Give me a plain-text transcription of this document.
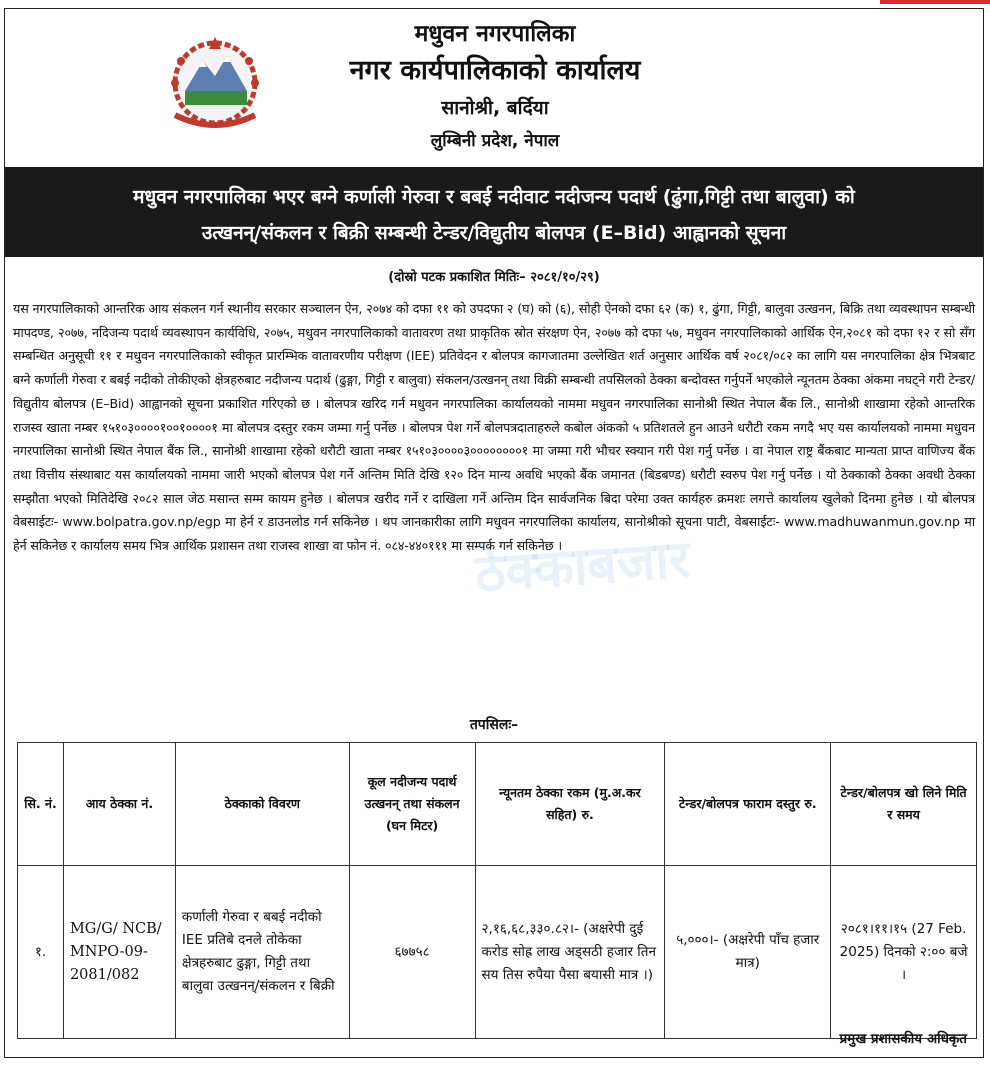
मधुवन नगरपालिका
नगर कार्यपालिकाको कार्यालय
सानोश्री, बर्दिया
लुम्बिनी प्रदेश, नेपाल
मधुवन नगरपालिका भएर बग्ने कर्णाली गेरुवा र बबई नदीवाट नदीजन्य पदार्थ (ढुंगा,गिट्टी तथा बालुवा) को
उत्खनन्/संकलन र बिक्री सम्बन्धी टेन्डर/विद्युतीय बोलपत्र (E–Bid) आह्वानको सूचना
(दोस्रो पटक प्रकाशित मितिः– २०८१/१०/२९)
यस नगरपालिकाको आन्तरिक आय संकलन गर्न स्थानीय सरकार सञ्चालन ऐन, २०७४ को दफा ११ को उपदफा २ (घ) को (६), सोही ऐनको दफा ६२ (क) १, ढुंगा, गिट्टी, बालुवा उत्खनन, बिक्रि तथा व्यवस्थापन सम्बन्धी मापदण्ड, २०७७, नदिजन्य पदार्थ व्यवस्थापन कार्यविधि, २०७५, मधुवन नगरपालिकाको वातावरण तथा प्राकृतिक स्रोत संरक्षण ऐन, २०७७ को दफा ५७, मधुवन नगरपालिकाको आर्थिक ऐन,२०८१ को दफा १२ र सो सँग सम्बन्धित अनुसूची ११ र मधुवन नगरपालिकाको स्वीकृत प्रारम्भिक वातावरणीय परीक्षण (IEE) प्रतिवेदन र बोलपत्र कागजातमा उल्लेखित शर्त अनुसार आर्थिक वर्ष २०८१/०८२ का लागि यस नगरपालिका क्षेत्र भित्रबाट बग्ने कर्णाली गेरुवा र बबई नदीको तोकीएको क्षेत्रहरुबाट नदीजन्य पदार्थ (ढुङ्गा, गिट्टी र बालुवा) संकलन/उत्खनन् तथा विक्री सम्बन्धी तपसिलको ठेक्का बन्दोवस्त गर्नुपर्ने भएकोले न्यूनतम ठेक्का अंकमा नघट्ने गरी टेन्डर/विद्युतीय बोलपत्र (E–Bid) आह्वानको सूचना प्रकाशित गरिएको छ । बोलपत्र खरिद गर्न मधुवन नगरपालिका कार्यालयको नाममा मधुवन नगरपालिका सानोश्री स्थित नेपाल बैंक लि., सानोश्री शाखामा रहेको आन्तरिक राजस्व खाता नम्बर १५१०३००००१००१००००१ मा बोलपत्र दस्तुर रकम जम्मा गर्नु पर्नेछ । बोलपत्र पेश गर्ने बोलपत्रदाताहरुले कबोल अंकको ५ प्रतिशतले हुन आउने धरौटी रकम नगदै भए यस कार्यालयको नाममा मधुवन नगरपालिका सानोश्री स्थित नेपाल बैंक लि., सानोश्री शाखामा रहेको धरौटी खाता नम्बर १५१०३००००३००००००००१ मा जम्मा गरी भौचर स्क्यान गरी पेश गर्नु पर्नेछ । वा नेपाल राष्ट्र बैंकबाट मान्यता प्राप्त वाणिज्य बैंक तथा वित्तीय संस्थाबाट यस कार्यालयको नाममा जारी भएको बोलपत्र पेश गर्ने अन्तिम मिति देखि १२० दिन मान्य अवधि भएको बैंक जमानत (बिडबण्ड) धरौटी स्वरुप पेश गर्नु पर्नेछ । यो ठेक्काको ठेक्का अवधी ठेक्का सम्झौता भएको मितिदेखि २०८२ साल जेठ मसान्त सम्म कायम हुनेछ । बोलपत्र खरीद गर्ने र दाखिला गर्ने अन्तिम दिन सार्वजनिक बिदा परेमा उक्त कार्यहरु क्रमशः लगत्ते कार्यालय खुलेको दिनमा हुनेछ । यो बोलपत्र वेबसाईटः- www.bolpatra.gov.np/egp मा हेर्न र डाउनलोड गर्न सकिनेछ । थप जानकारीका लागि मधुवन नगरपालिका कार्यालय, सानोश्रीको सूचना पाटी, वेबसाईटः- www.madhuwanmun.gov.np मा हेर्न सकिनेछ र कार्यालय समय भित्र आर्थिक प्रशासन तथा राजस्व शाखा वा फोन नं. ०८४-४४०१११ मा सम्पर्क गर्न सकिनेछ ।
ठेक्काबजार
तपसिलः–
सि. नं.	आय ठेक्का नं.	ठेक्काको विवरण	कूल नदीजन्य पदार्थ उत्खनन् तथा संकलन (घन मिटर)	न्यूनतम ठेक्का रकम (मु.अ.कर सहित) रु.	टेन्डर/बोलपत्र फाराम दस्तुर रु.	टेन्डर/बोलपत्र खो लिने मिति र समय
१.	MG/G/ NCB/ MNPO-09- 2081/082	कर्णाली गेरुवा र बबई नदीको IEE प्रतिबे दनले तोकेका क्षेत्रहरुबाट ढुङ्गा, गिट्टी तथा बालुवा उत्खनन्/संकलन र बिक्री	६७७५८	२,१६,६८,३३०.८२।- (अक्षरेपी दुई करोड सोह्र लाख अड्सठी हजार तिन सय तिस रुपैया पैसा बयासी मात्र ।)	५,०००।- (अक्षरेपी पाँच हजार मात्र)	२०८१।११।१५ (27 Feb. 2025) दिनको २:०० बजे ।
प्रमुख प्रशासकीय अधिकृत
